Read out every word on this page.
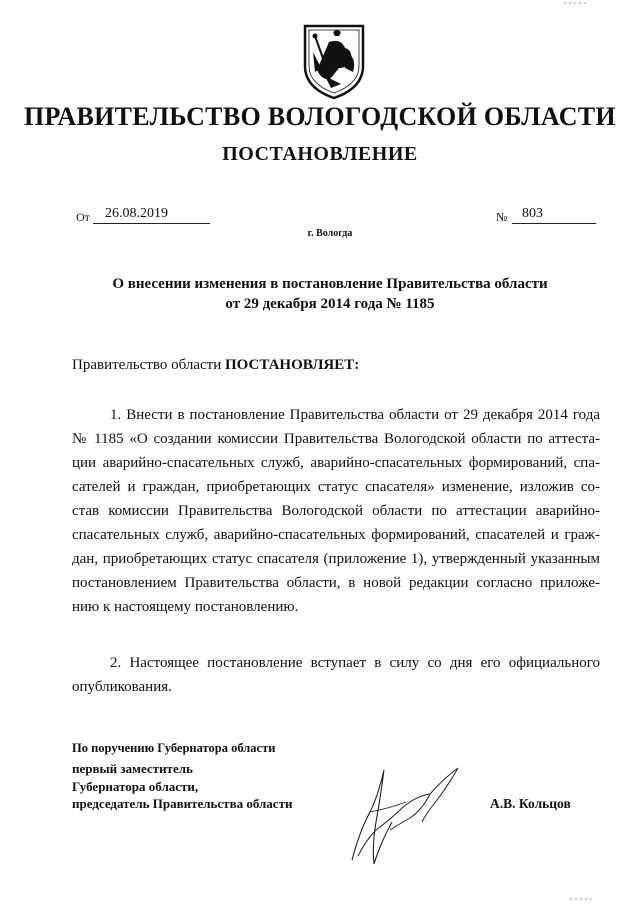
ПРАВИТЕЛЬСТВО ВОЛОГОДСКОЙ ОБЛАСТИ
ПОСТАНОВЛЕНИЕ
От	26.08.2019	№	803
г. Вологда
О внесении изменения в постановление Правительства области
от 29 декабря 2014 года № 1185
Правительство области ПОСТАНОВЛЯЕТ:
1. Внести в постановление Правительства области от 29 декабря 2014 года
№ 1185 «О создании комиссии Правительства Вологодской области по аттеста-
ции аварийно-спасательных служб, аварийно-спасательных формирований, спа-
сателей и граждан, приобретающих статус спасателя» изменение, изложив со-
став комиссии Правительства Вологодской области по аттестации аварийно-
спасательных служб, аварийно-спасательных формирований, спасателей и граж-
дан, приобретающих статус спасателя (приложение 1), утвержденный указанным
постановлением Правительства области, в новой редакции согласно приложе-
нию к настоящему постановлению.
2. Настоящее постановление вступает в силу со дня его официального
опубликования.
По поручению Губернатора области
первый заместитель
Губернатора области,
председатель Правительства области	А.В. Кольцов
